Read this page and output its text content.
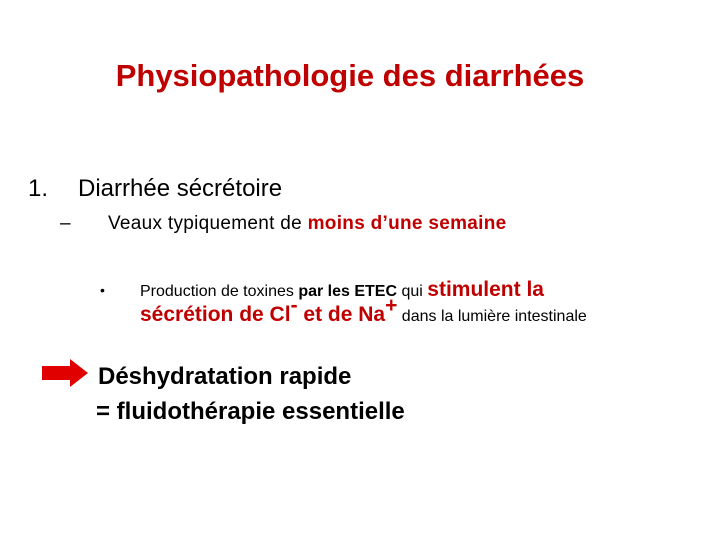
Physiopathologie des diarrhées
1. Diarrhée sécrétoire
– Veaux typiquement de moins d’une semaine
• Production de toxines par les ETEC qui stimulent la
sécrétion de Cl- et de Na+ dans la lumière intestinale
Déshydratation rapide
= fluidothérapie essentielle
